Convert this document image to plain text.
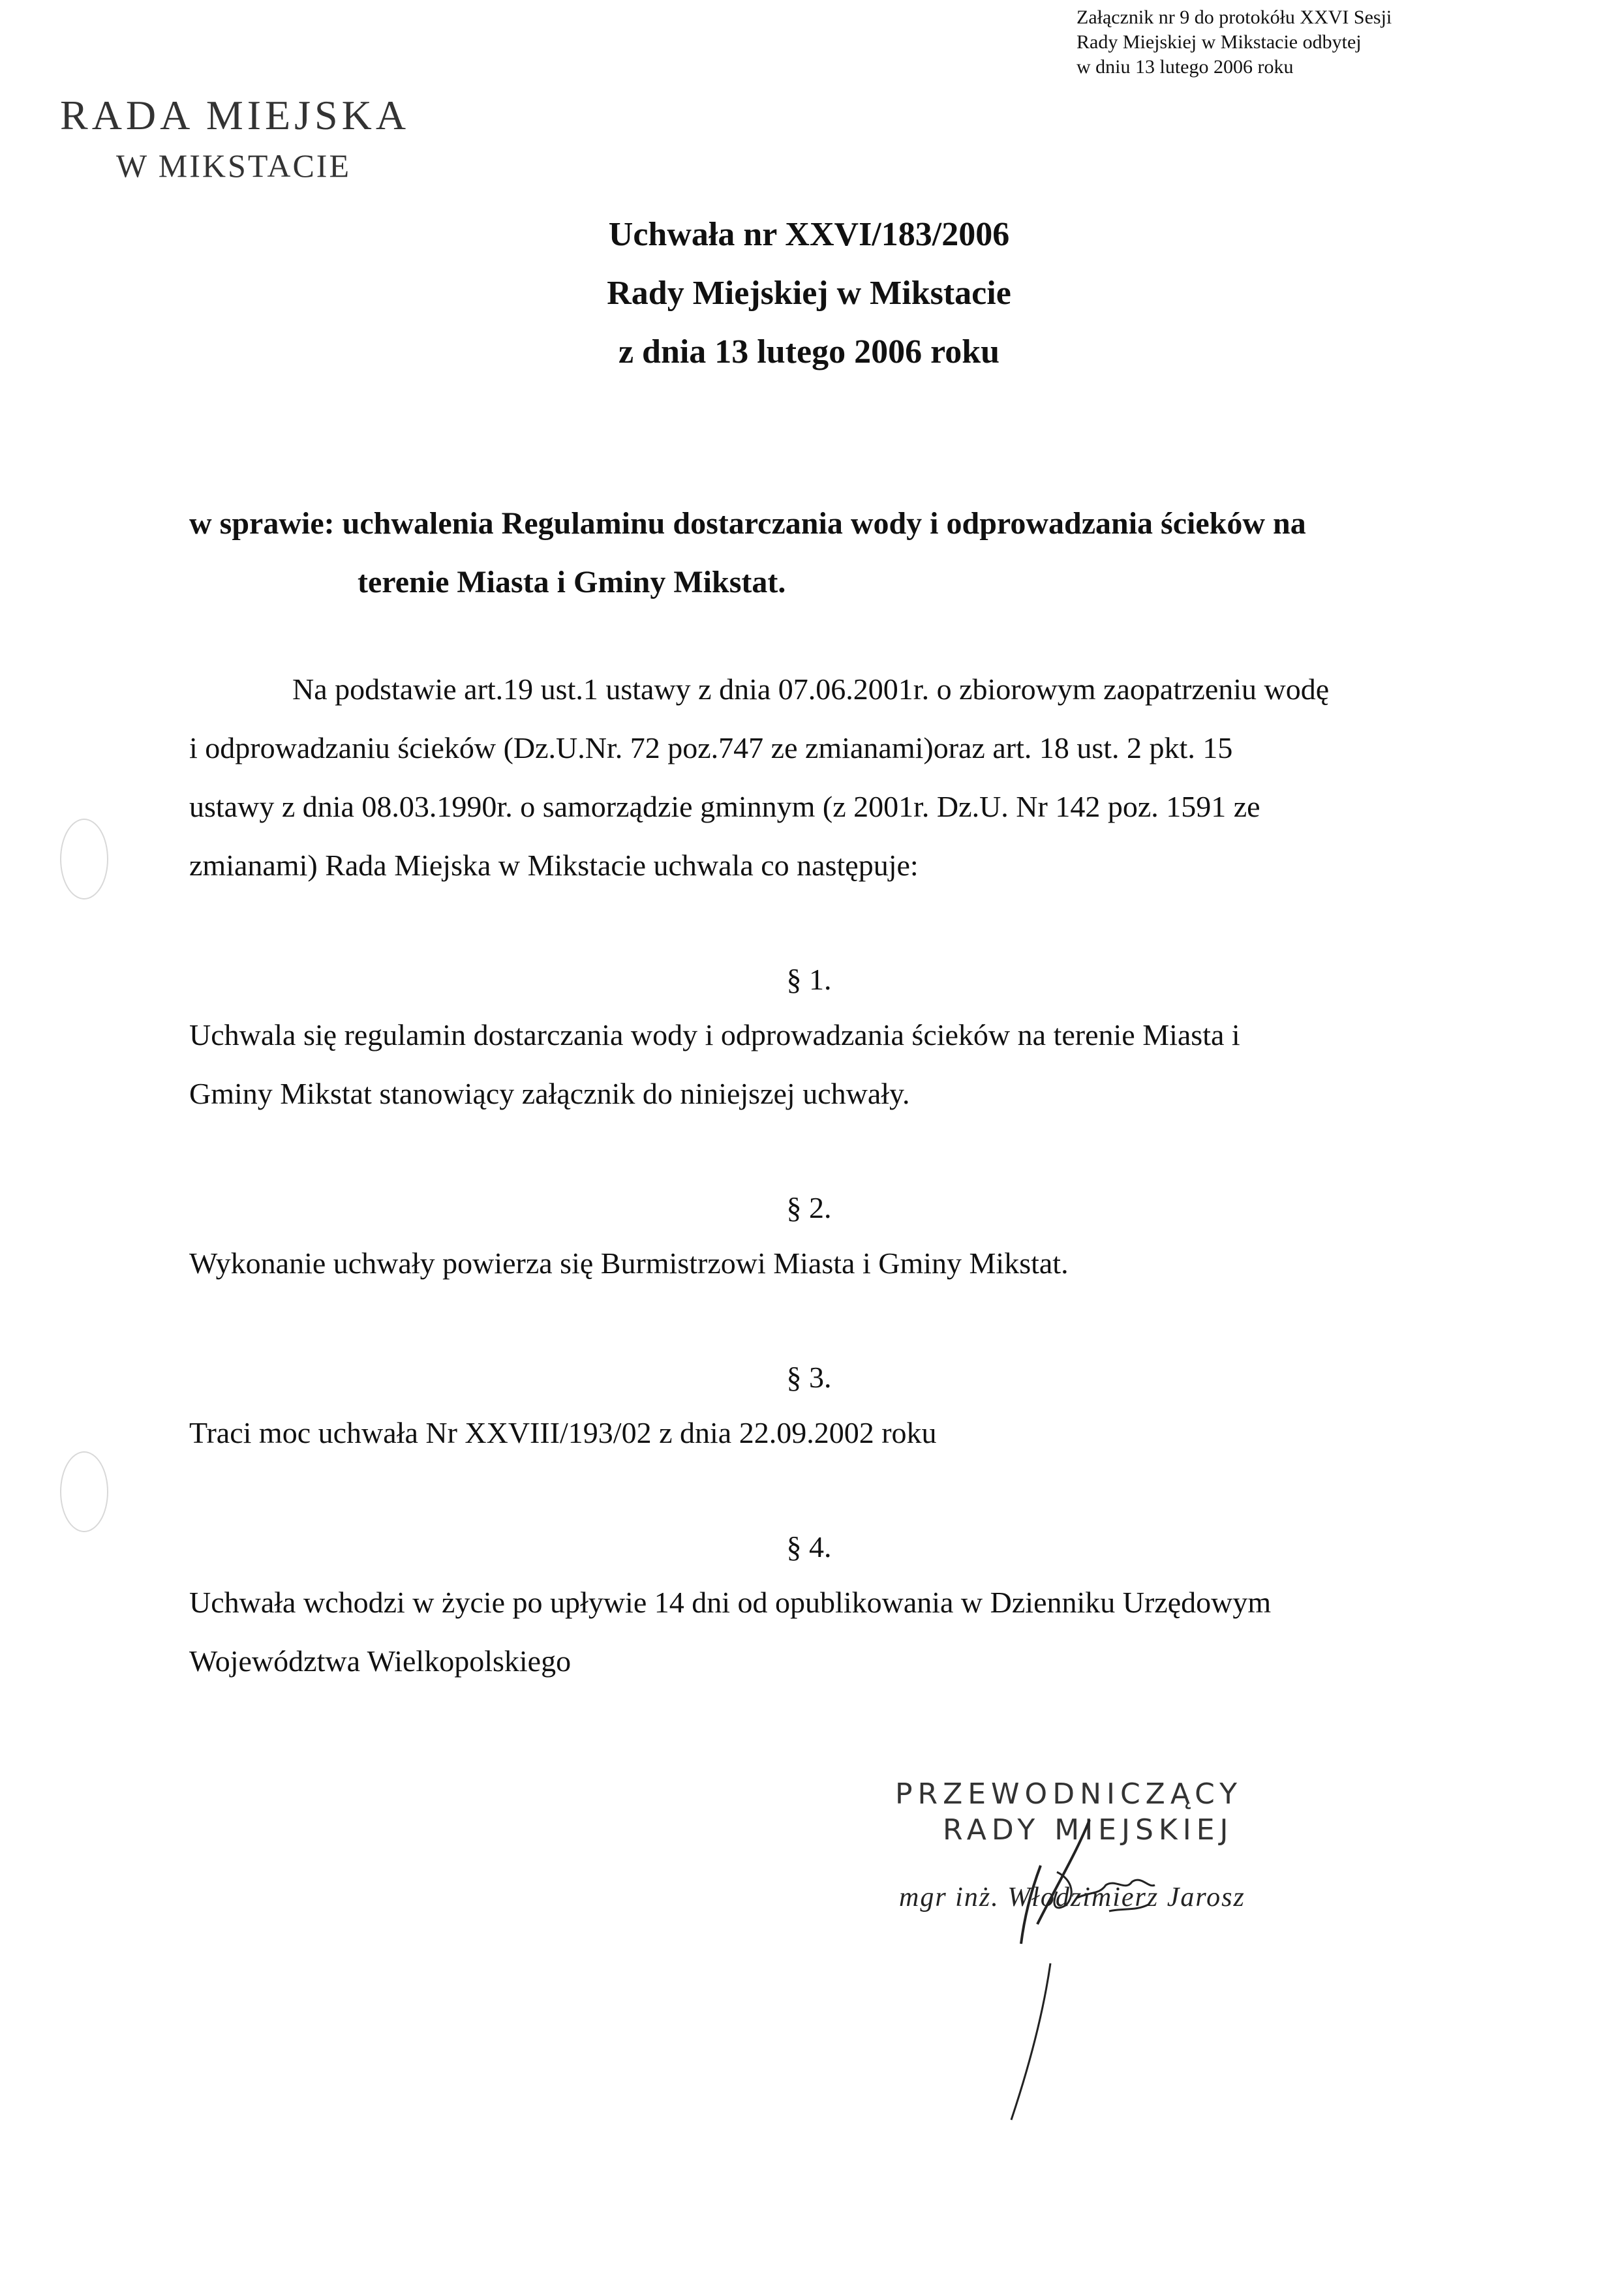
Załącznik nr 9 do protokółu XXVI Sesji
Rady Miejskiej w Mikstacie odbytej
w dniu 13 lutego 2006 roku
RADA MIEJSKA
W MIKSTACIE
Uchwała nr XXVI/183/2006
Rady Miejskiej w Mikstacie
z dnia 13 lutego 2006 roku
w sprawie: uchwalenia Regulaminu dostarczania wody i odprowadzania ścieków na
terenie Miasta i Gminy Mikstat.
Na podstawie art.19 ust.1 ustawy z dnia 07.06.2001r. o zbiorowym zaopatrzeniu wodę
i odprowadzaniu ścieków (Dz.U.Nr. 72 poz.747 ze zmianami)oraz art. 18 ust. 2 pkt. 15
ustawy z dnia 08.03.1990r. o samorządzie gminnym (z 2001r. Dz.U. Nr 142 poz. 1591 ze
zmianami) Rada Miejska w Mikstacie uchwala co następuje:
§ 1.
Uchwala się regulamin dostarczania wody i odprowadzania ścieków na terenie Miasta i
Gminy Mikstat stanowiący załącznik do niniejszej uchwały.
§ 2.
Wykonanie uchwały powierza się Burmistrzowi Miasta i Gminy Mikstat.
§ 3.
Traci moc uchwała Nr XXVIII/193/02 z dnia 22.09.2002 roku
§ 4.
Uchwała wchodzi w życie po upływie 14 dni od opublikowania w Dzienniku Urzędowym
Województwa Wielkopolskiego
PRZEWODNICZĄCY
RADY MIEJSKIEJ
mgr inż. Włodzimierz Jarosz
